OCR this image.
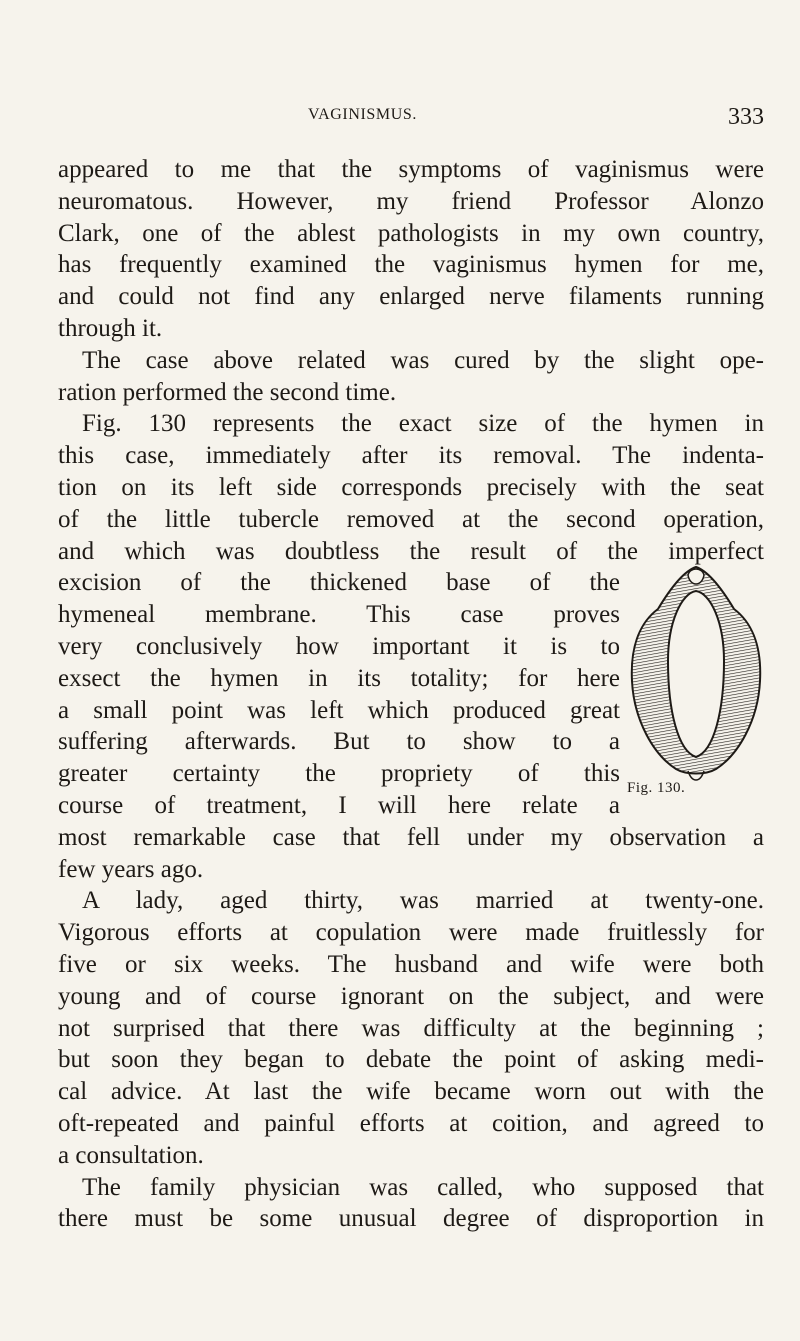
VAGINISMUS.	333
appeared to me that the symptoms of vaginismus were
neuromatous. However, my friend Professor Alonzo
Clark, one of the ablest pathologists in my own country,
has frequently examined the vaginismus hymen for me,
and could not find any enlarged nerve filaments running
through it.
The case above related was cured by the slight ope-
ration performed the second time.
Fig. 130 represents the exact size of the hymen in
this case, immediately after its removal. The indenta-
tion on its left side corresponds precisely with the seat
of the little tubercle removed at the second operation,
and which was doubtless the result of the imperfect
excision of the thickened base of the
hymeneal membrane. This case proves
very conclusively how important it is to
exsect the hymen in its totality; for here
a small point was left which produced great
suffering afterwards. But to show to a
greater certainty the propriety of this
course of treatment, I will here relate a
most remarkable case that fell under my observation a
few years ago.
A lady, aged thirty, was married at twenty-one.
Vigorous efforts at copulation were made fruitlessly for
five or six weeks. The husband and wife were both
young and of course ignorant on the subject, and were
not surprised that there was difficulty at the beginning ;
but soon they began to debate the point of asking medi-
cal advice. At last the wife became worn out with the
oft-repeated and painful efforts at coition, and agreed to
a consultation.
The family physician was called, who supposed that
there must be some unusual degree of disproportion in
Fig. 130.
